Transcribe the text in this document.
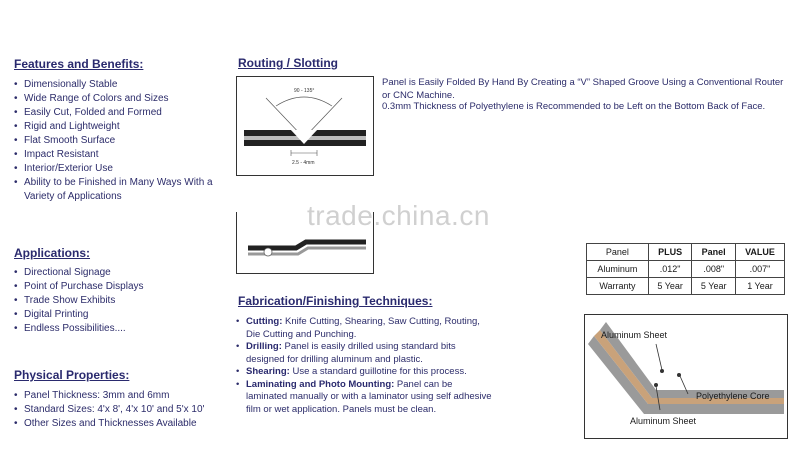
Features and Benefits:
• Dimensionally Stable
• Wide Range of Colors and Sizes
• Easily Cut, Folded and Formed
• Rigid and Lightweight
• Flat Smooth Surface
• Impact Resistant
• Interior/Exterior Use
• Ability to be Finished in Many Ways With a Variety of Applications
Applications:
• Directional Signage
• Point of Purchase Displays
• Trade Show Exhibits
• Digital Printing
• Endless Possibilities....
Physical Properties:
• Panel Thickness: 3mm and 6mm
• Standard Sizes: 4'x 8', 4'x 10' and 5'x 10'
• Other Sizes and Thicknesses Available
Routing / Slotting
90 - 135°
2.5 - 4mm
Panel is Easily Folded By Hand By Creating a “V” Shaped Groove Using a Conventional Router or CNC Machine.
0.3mm Thickness of Polyethylene is Recommended to be Left on the Bottom Back of Face.
trade.china.cn
Panel	PLUS	Panel	VALUE
Aluminum	.012"	.008"	.007"
Warranty	5 Year	5 Year	1 Year
Fabrication/Finishing Techniques:
• Cutting: Knife Cutting, Shearing, Saw Cutting, Routing, Die Cutting and Punching.
• Drilling: Panel is easily drilled using standard bits designed for drilling aluminum and plastic.
• Shearing: Use a standard guillotine for this process.
• Laminating and Photo Mounting: Panel can be laminated manually or with a laminator using self adhesive film or wet application. Panels must be clean.
Aluminum Sheet
Polyethylene Core
Aluminum Sheet
